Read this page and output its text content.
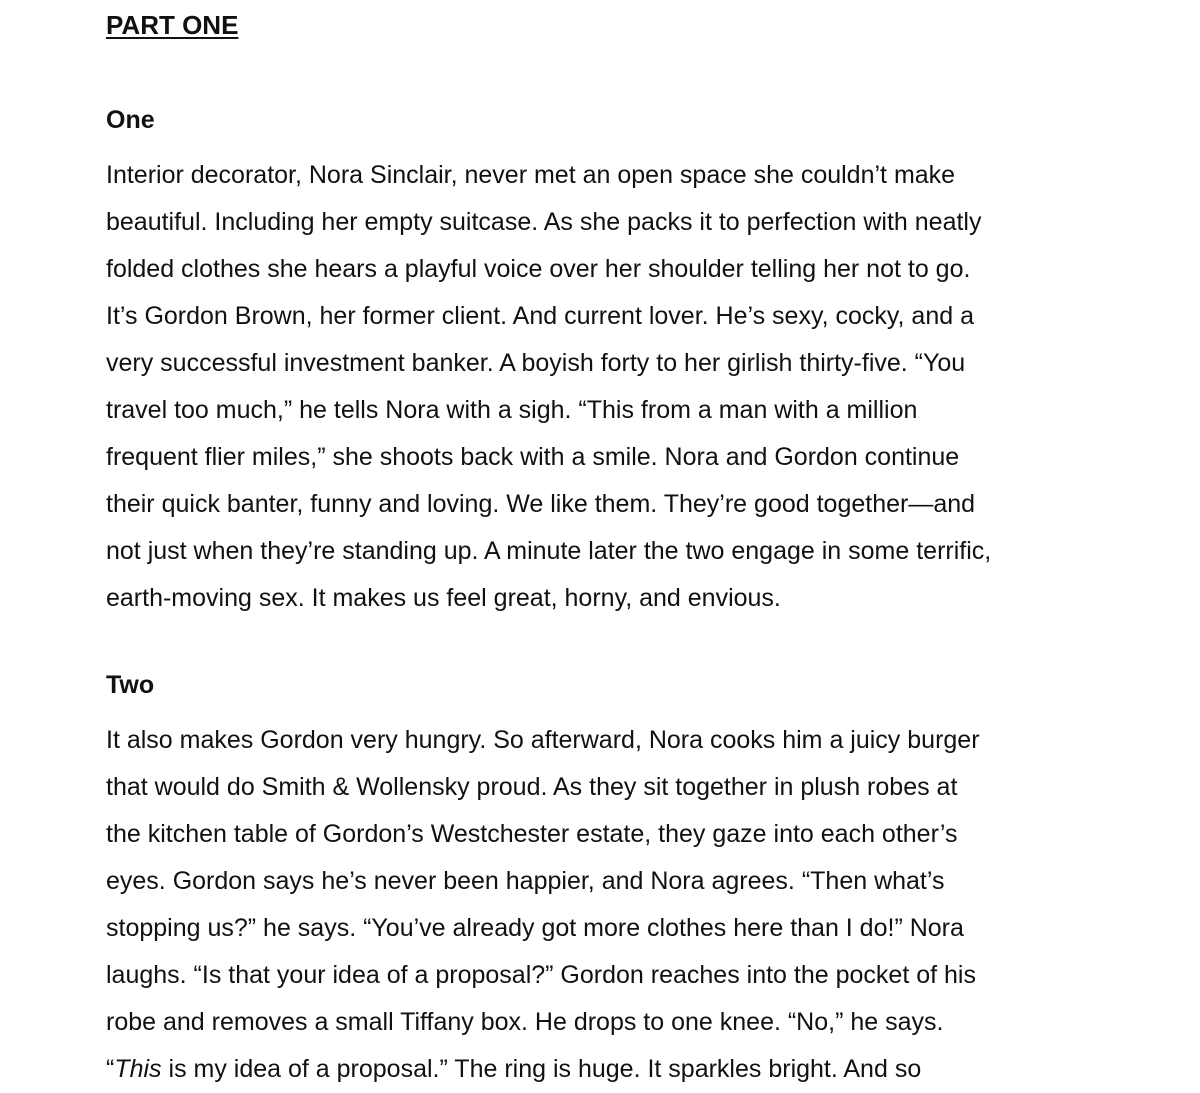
PART ONE
One

Interior decorator, Nora Sinclair, never met an open space she couldn’t make
beautiful. Including her empty suitcase. As she packs it to perfection with neatly
folded clothes she hears a playful voice over her shoulder telling her not to go.
It’s Gordon Brown, her former client. And current lover. He’s sexy, cocky, and a
very successful investment banker. A boyish forty to her girlish thirty-five. “You
travel too much,” he tells Nora with a sigh. “This from a man with a million
frequent flier miles,” she shoots back with a smile. Nora and Gordon continue
their quick banter, funny and loving. We like them. They’re good together—and
not just when they’re standing up. A minute later the two engage in some terrific,
earth-moving sex. It makes us feel great, horny, and envious.

Two

It also makes Gordon very hungry. So afterward, Nora cooks him a juicy burger
that would do Smith & Wollensky proud. As they sit together in plush robes at
the kitchen table of Gordon’s Westchester estate, they gaze into each other’s
eyes. Gordon says he’s never been happier, and Nora agrees. “Then what’s
stopping us?” he says. “You’ve already got more clothes here than I do!” Nora
laughs. “Is that your idea of a proposal?” Gordon reaches into the pocket of his
robe and removes a small Tiffany box. He drops to one knee. “No,” he says.
“This is my idea of a proposal.” The ring is huge. It sparkles bright. And so
